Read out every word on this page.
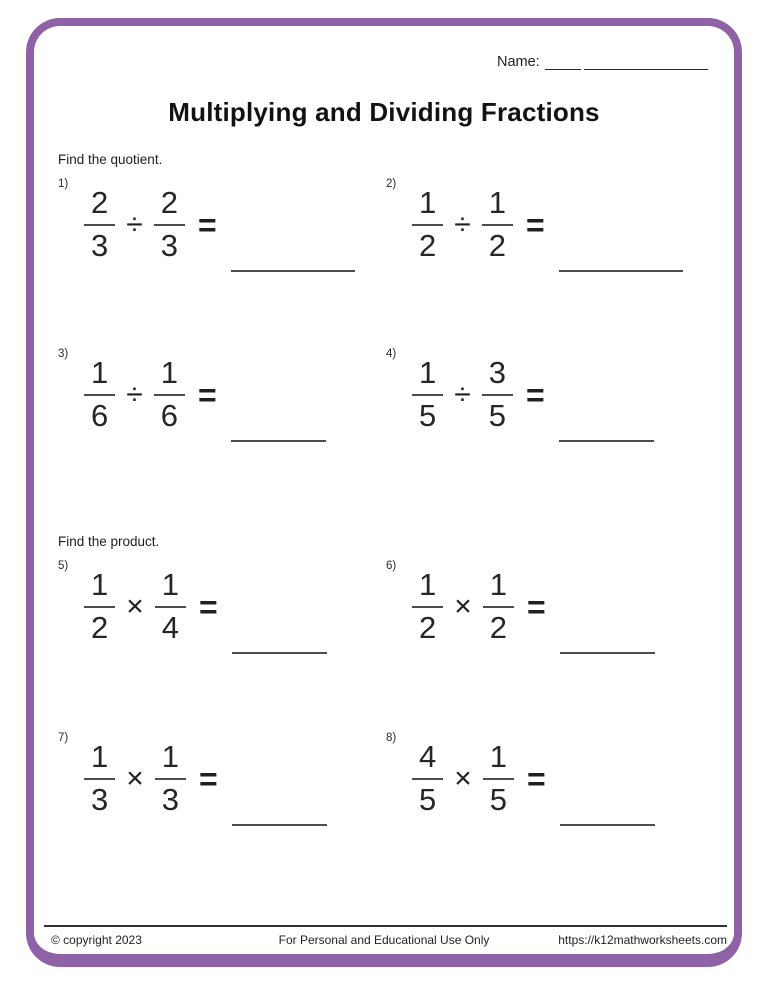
Name:
Multiplying and Dividing Fractions
Find the quotient.
1)
$\frac{2}{3} \div \frac{2}{3}$ =
2)
$\frac{1}{2} \div \frac{1}{2}$ =
3)
$\frac{1}{6} \div \frac{1}{6}$ =
4)
$\frac{1}{5} \div \frac{3}{5}$ =
Find the product.
5)
$\frac{1}{2} \times \frac{1}{4}$ =
6)
$\frac{1}{2} \times \frac{1}{2}$ =
7)
$\frac{1}{3} \times \frac{1}{3}$ =
8)
$\frac{4}{5} \times \frac{1}{5}$ =
© copyright 2023	For Personal and Educational Use Only	https://k12mathworksheets.com
